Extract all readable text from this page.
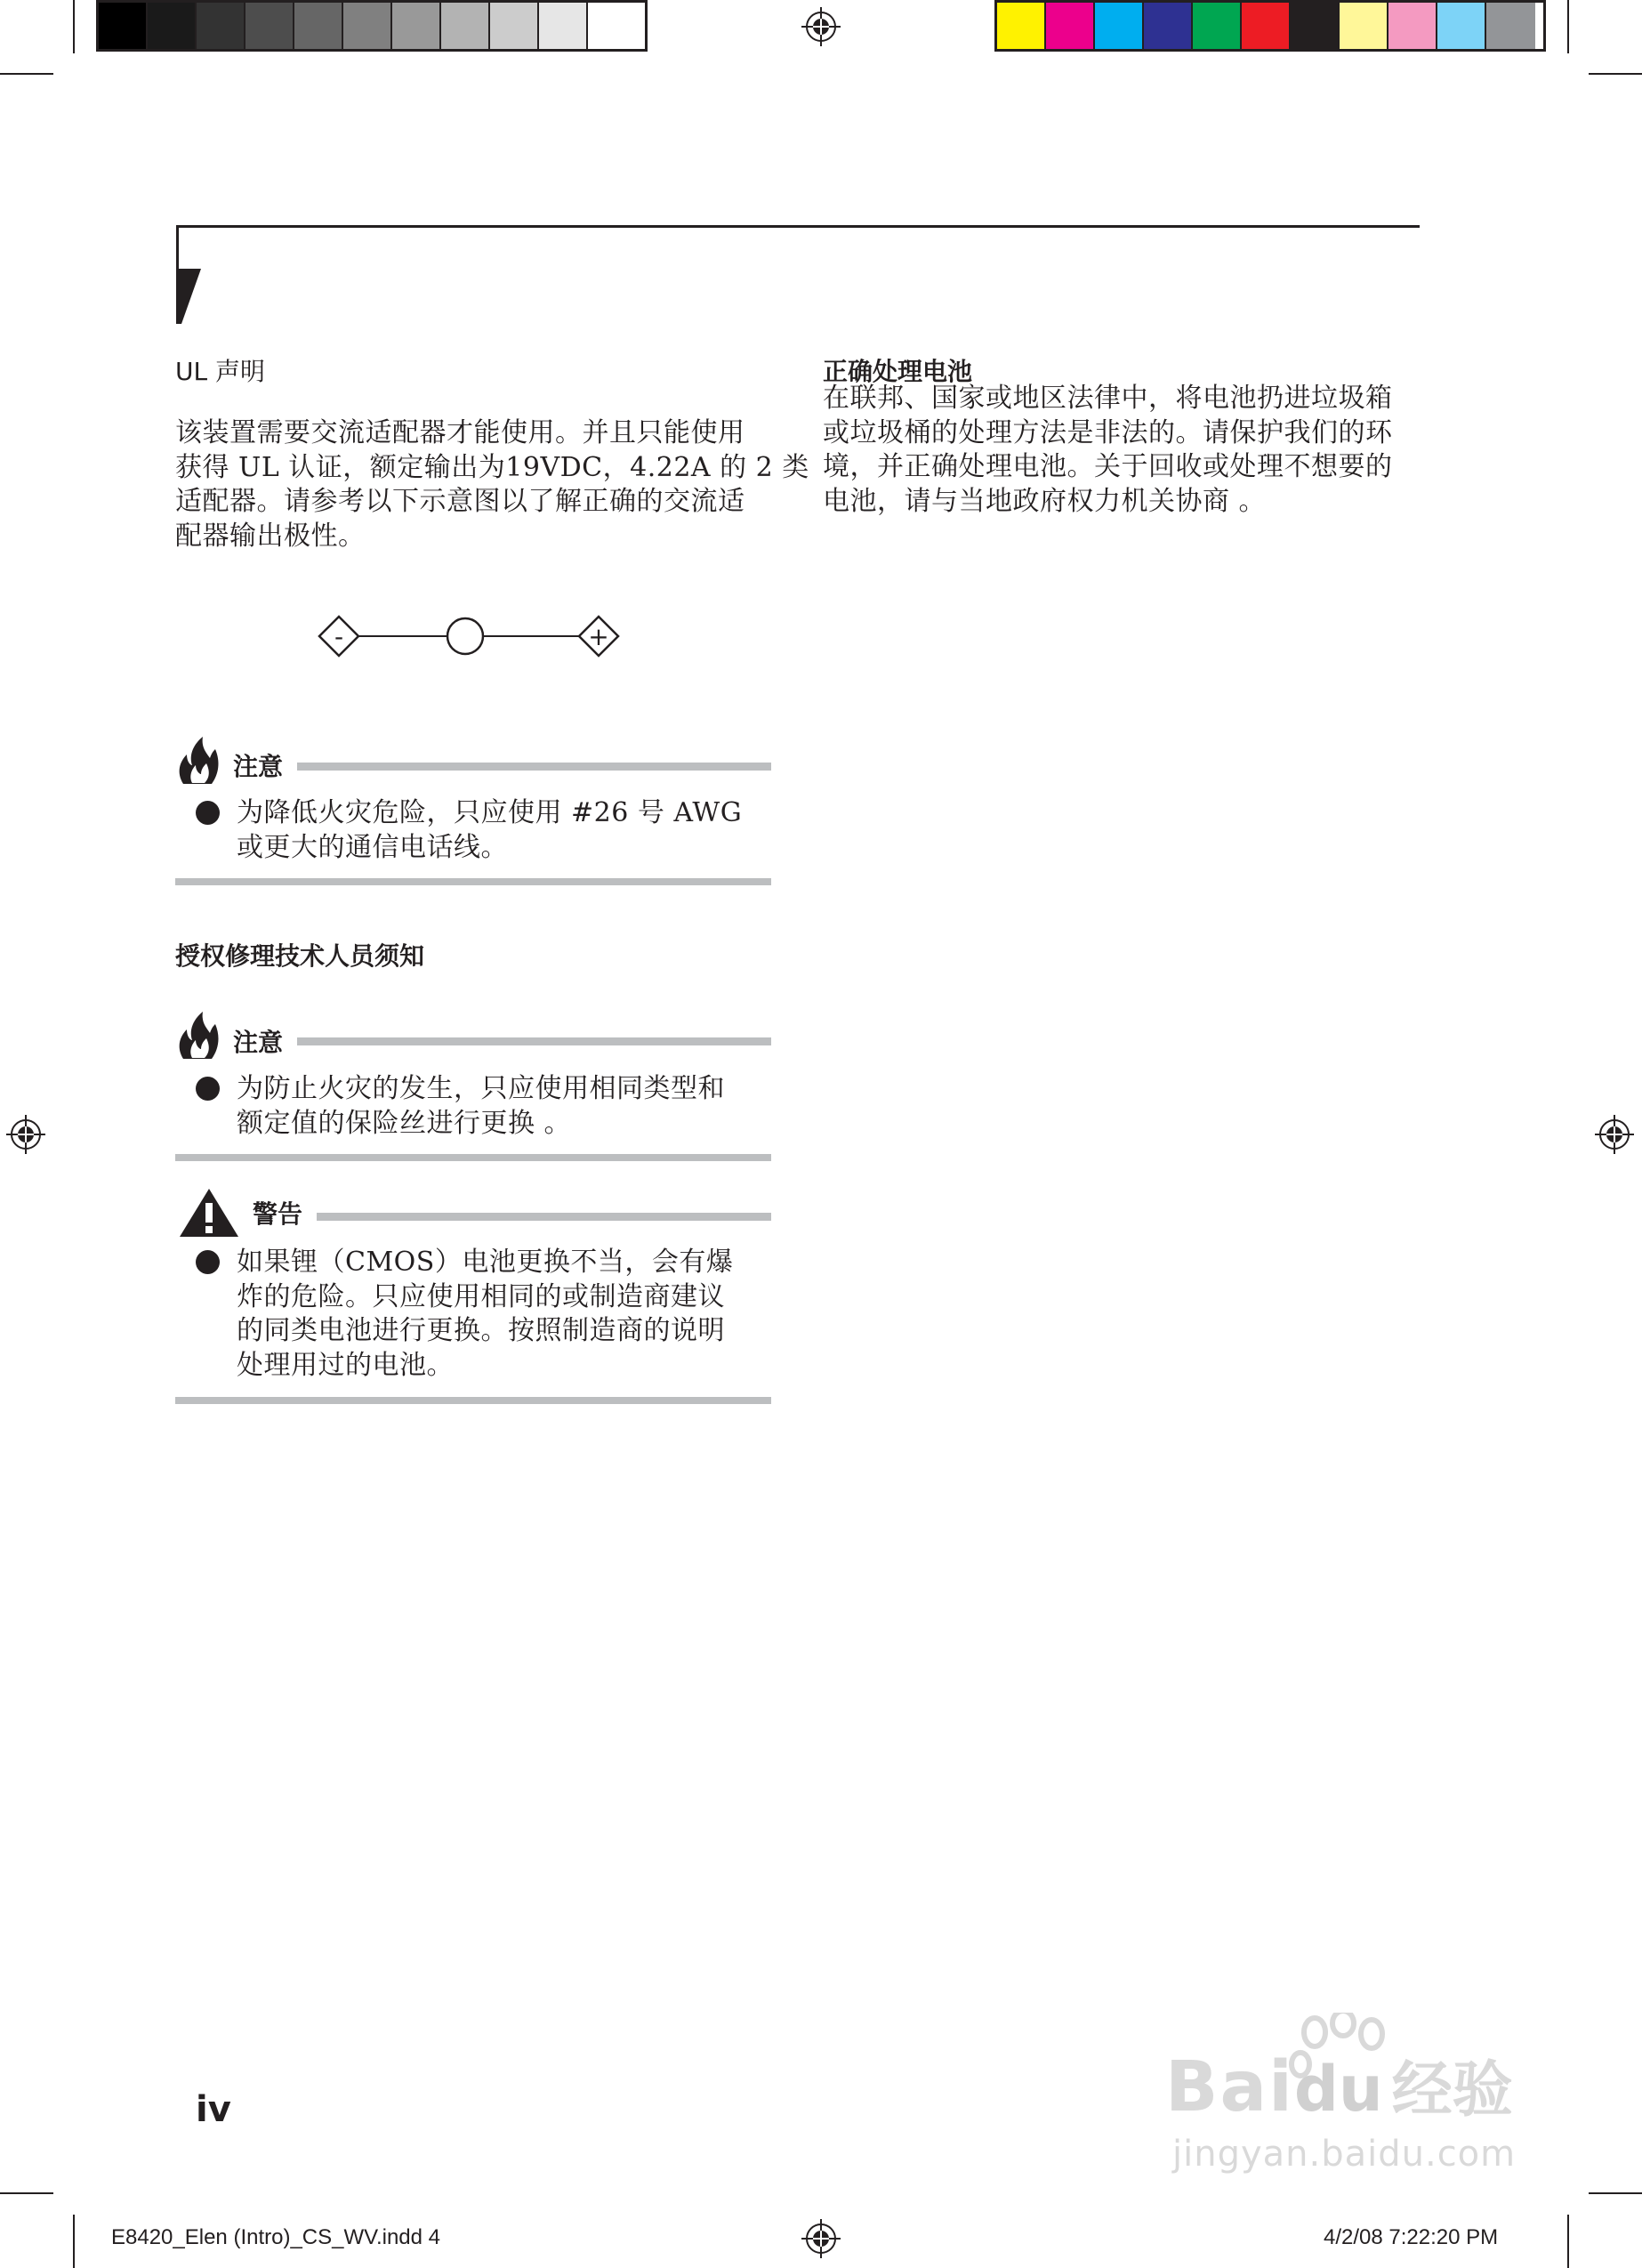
UL 声明
该装置需要交流适配器才能使用。并且只能使用
获得 UL 认证，额定输出为19VDC，4.22A 的 2 类
适配器。请参考以下示意图以了解正确的交流适
配器输出极性。
-	+
注意
为降低火灾危险，只应使用 #26 号 AWG
或更大的通信电话线。
授权修理技术人员须知
注意
为防止火灾的发生，只应使用相同类型和
额定值的保险丝进行更换 。
警告
如果锂（CMOS）电池更换不当，会有爆
炸的危险。只应使用相同的或制造商建议
的同类电池进行更换。按照制造商的说明
处理用过的电池。
正确处理电池
在联邦、国家或地区法律中，将电池扔进垃圾箱
或垃圾桶的处理方法是非法的。请保护我们的环
境，并正确处理电池。关于回收或处理不想要的
电池，请与当地政府权力机关协商 。
iv	Baidu 经验
jingyan.baidu.com
E8420_Elen (Intro)_CS_WV.indd 4	4/2/08 7:22:20 PM
